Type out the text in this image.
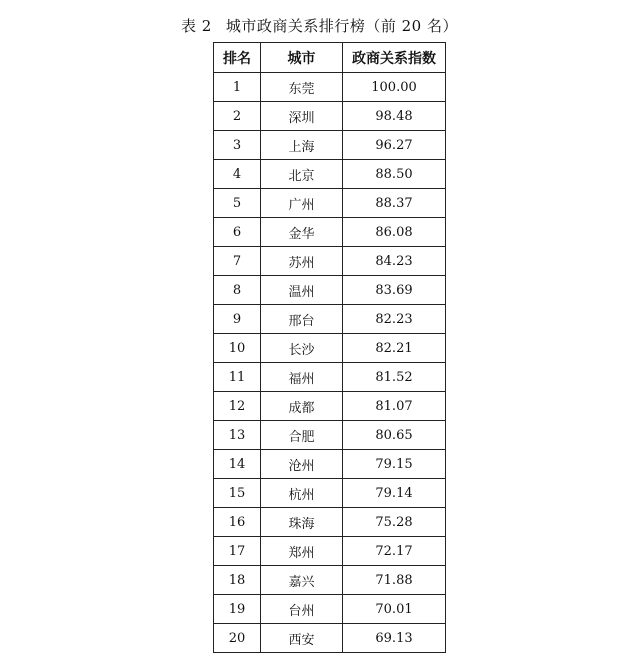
表 2 城市政商关系排行榜（前 20 名）
排名	城市	政商关系指数
1	东莞	100.00
2	深圳	98.48
3	上海	96.27
4	北京	88.50
5	广州	88.37
6	金华	86.08
7	苏州	84.23
8	温州	83.69
9	邢台	82.23
10	长沙	82.21
11	福州	81.52
12	成都	81.07
13	合肥	80.65
14	沧州	79.15
15	杭州	79.14
16	珠海	75.28
17	郑州	72.17
18	嘉兴	71.88
19	台州	70.01
20	西安	69.13
